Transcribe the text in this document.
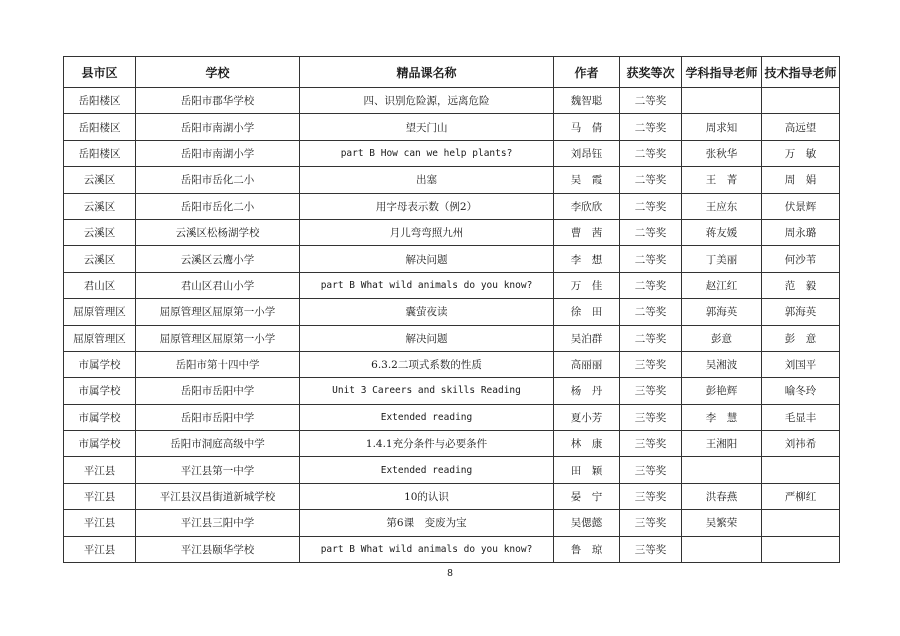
县市区	学校	精品课名称	作者	获奖等次	学科指导老师	技术指导老师
岳阳楼区	岳阳市郡华学校	四、识别危险源，远离危险	魏智聪	二等奖		
岳阳楼区	岳阳市南湖小学	望天门山	马　倩	二等奖	周求知	高远望
岳阳楼区	岳阳市南湖小学	part B How can we help plants?	刘昂钰	二等奖	张秋华	万　敏
云溪区	岳阳市岳化二小	出塞	吴　霞	二等奖	王　菁	周　娟
云溪区	岳阳市岳化二小	用字母表示数（例2）	李欣欣	二等奖	王应东	伏景辉
云溪区	云溪区松杨湖学校	月儿弯弯照九州	曹　茜	二等奖	蒋友媛	周永璐
云溪区	云溪区云鹰小学	解决问题	李　想	二等奖	丁美丽	何沙苇
君山区	君山区君山小学	part B What wild animals do you know?	万　佳	二等奖	赵江红	范　毅
屈原管理区	屈原管理区屈原第一小学	囊萤夜读	徐　田	二等奖	郭海英	郭海英
屈原管理区	屈原管理区屈原第一小学	解决问题	吴泊群	二等奖	彭意	彭　意
市属学校	岳阳市第十四中学	6.3.2二项式系数的性质	高丽丽	三等奖	吴湘波	刘国平
市属学校	岳阳市岳阳中学	Unit 3 Careers and skills Reading	杨　丹	三等奖	彭艳辉	喻冬玲
市属学校	岳阳市岳阳中学	Extended reading	夏小芳	三等奖	李　慧	毛显丰
市属学校	岳阳市洞庭高级中学	1.4.1充分条件与必要条件	林　康	三等奖	王湘阳	刘祎希
平江县	平江县第一中学	Extended reading	田　颖	三等奖		
平江县	平江县汉昌街道新城学校	10的认识	晏　宁	三等奖	洪春燕	严柳红
平江县	平江县三阳中学	第6课　变废为宝	吴偲懿	三等奖	吴繁荣	
平江县	平江县颐华学校	part B What wild animals do you know?	鲁　琼	三等奖		
8
